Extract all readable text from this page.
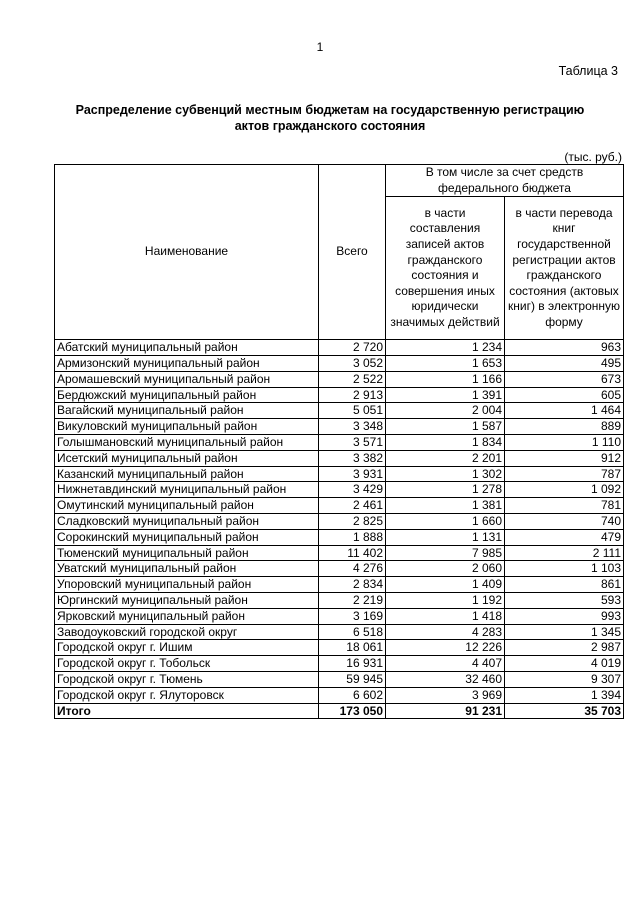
1
Таблица 3
Распределение субвенций местным бюджетам на государственную регистрацию
актов гражданского состояния
(тыс. руб.)
Наименование	Всего	В том числе за счет средств федерального бюджета	
		в части составления записей актов гражданского состояния и совершения иных юридически значимых действий	в части перевода книг государственной регистрации актов гражданского состояния (актовых книг) в электронную форму
Абатский муниципальный район	2 720	1 234	963
Армизонский муниципальный район	3 052	1 653	495
Аромашевский муниципальный район	2 522	1 166	673
Бердюжский муниципальный район	2 913	1 391	605
Вагайский муниципальный район	5 051	2 004	1 464
Викуловский муниципальный район	3 348	1 587	889
Голышмановский муниципальный район	3 571	1 834	1 110
Исетский муниципальный район	3 382	2 201	912
Казанский муниципальный район	3 931	1 302	787
Нижнетавдинский муниципальный район	3 429	1 278	1 092
Омутинский муниципальный район	2 461	1 381	781
Сладковский муниципальный район	2 825	1 660	740
Сорокинский муниципальный район	1 888	1 131	479
Тюменский муниципальный район	11 402	7 985	2 111
Уватский муниципальный район	4 276	2 060	1 103
Упоровский муниципальный район	2 834	1 409	861
Юргинский муниципальный район	2 219	1 192	593
Ярковский муниципальный район	3 169	1 418	993
Заводоуковский городской округ	6 518	4 283	1 345
Городской округ г. Ишим	18 061	12 226	2 987
Городской округ г. Тобольск	16 931	4 407	4 019
Городской округ г. Тюмень	59 945	32 460	9 307
Городской округ г. Ялуторовск	6 602	3 969	1 394
Итого	173 050	91 231	35 703
